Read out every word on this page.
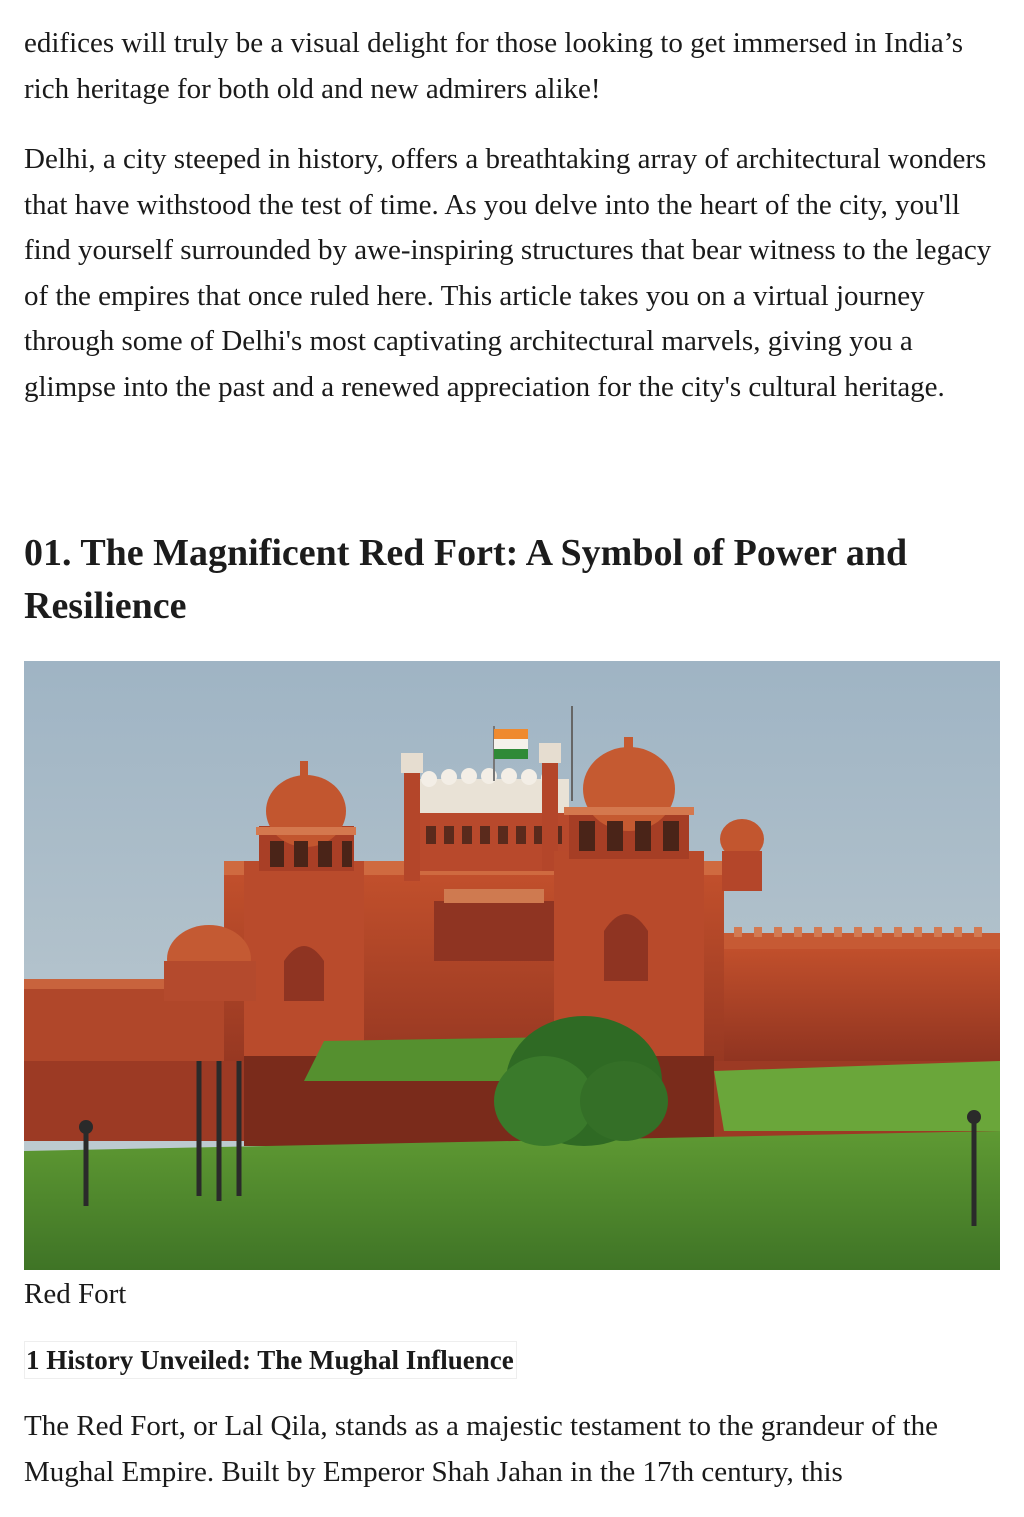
edifices will truly be a visual delight for those looking to get immersed in India’s rich heritage for both old and new admirers alike!

Delhi, a city steeped in history, offers a breathtaking array of architectural wonders that have withstood the test of time. As you delve into the heart of the city, you'll find yourself surrounded by awe-inspiring structures that bear witness to the legacy of the empires that once ruled here. This article takes you on a virtual journey through some of Delhi's most captivating architectural marvels, giving you a glimpse into the past and a renewed appreciation for the city's cultural heritage.

01. The Magnificent Red Fort: A Symbol of Power and Resilience

Red Fort

1 History Unveiled: The Mughal Influence

The Red Fort, or Lal Qila, stands as a majestic testament to the grandeur of the Mughal Empire. Built by Emperor Shah Jahan in the 17th century, this
